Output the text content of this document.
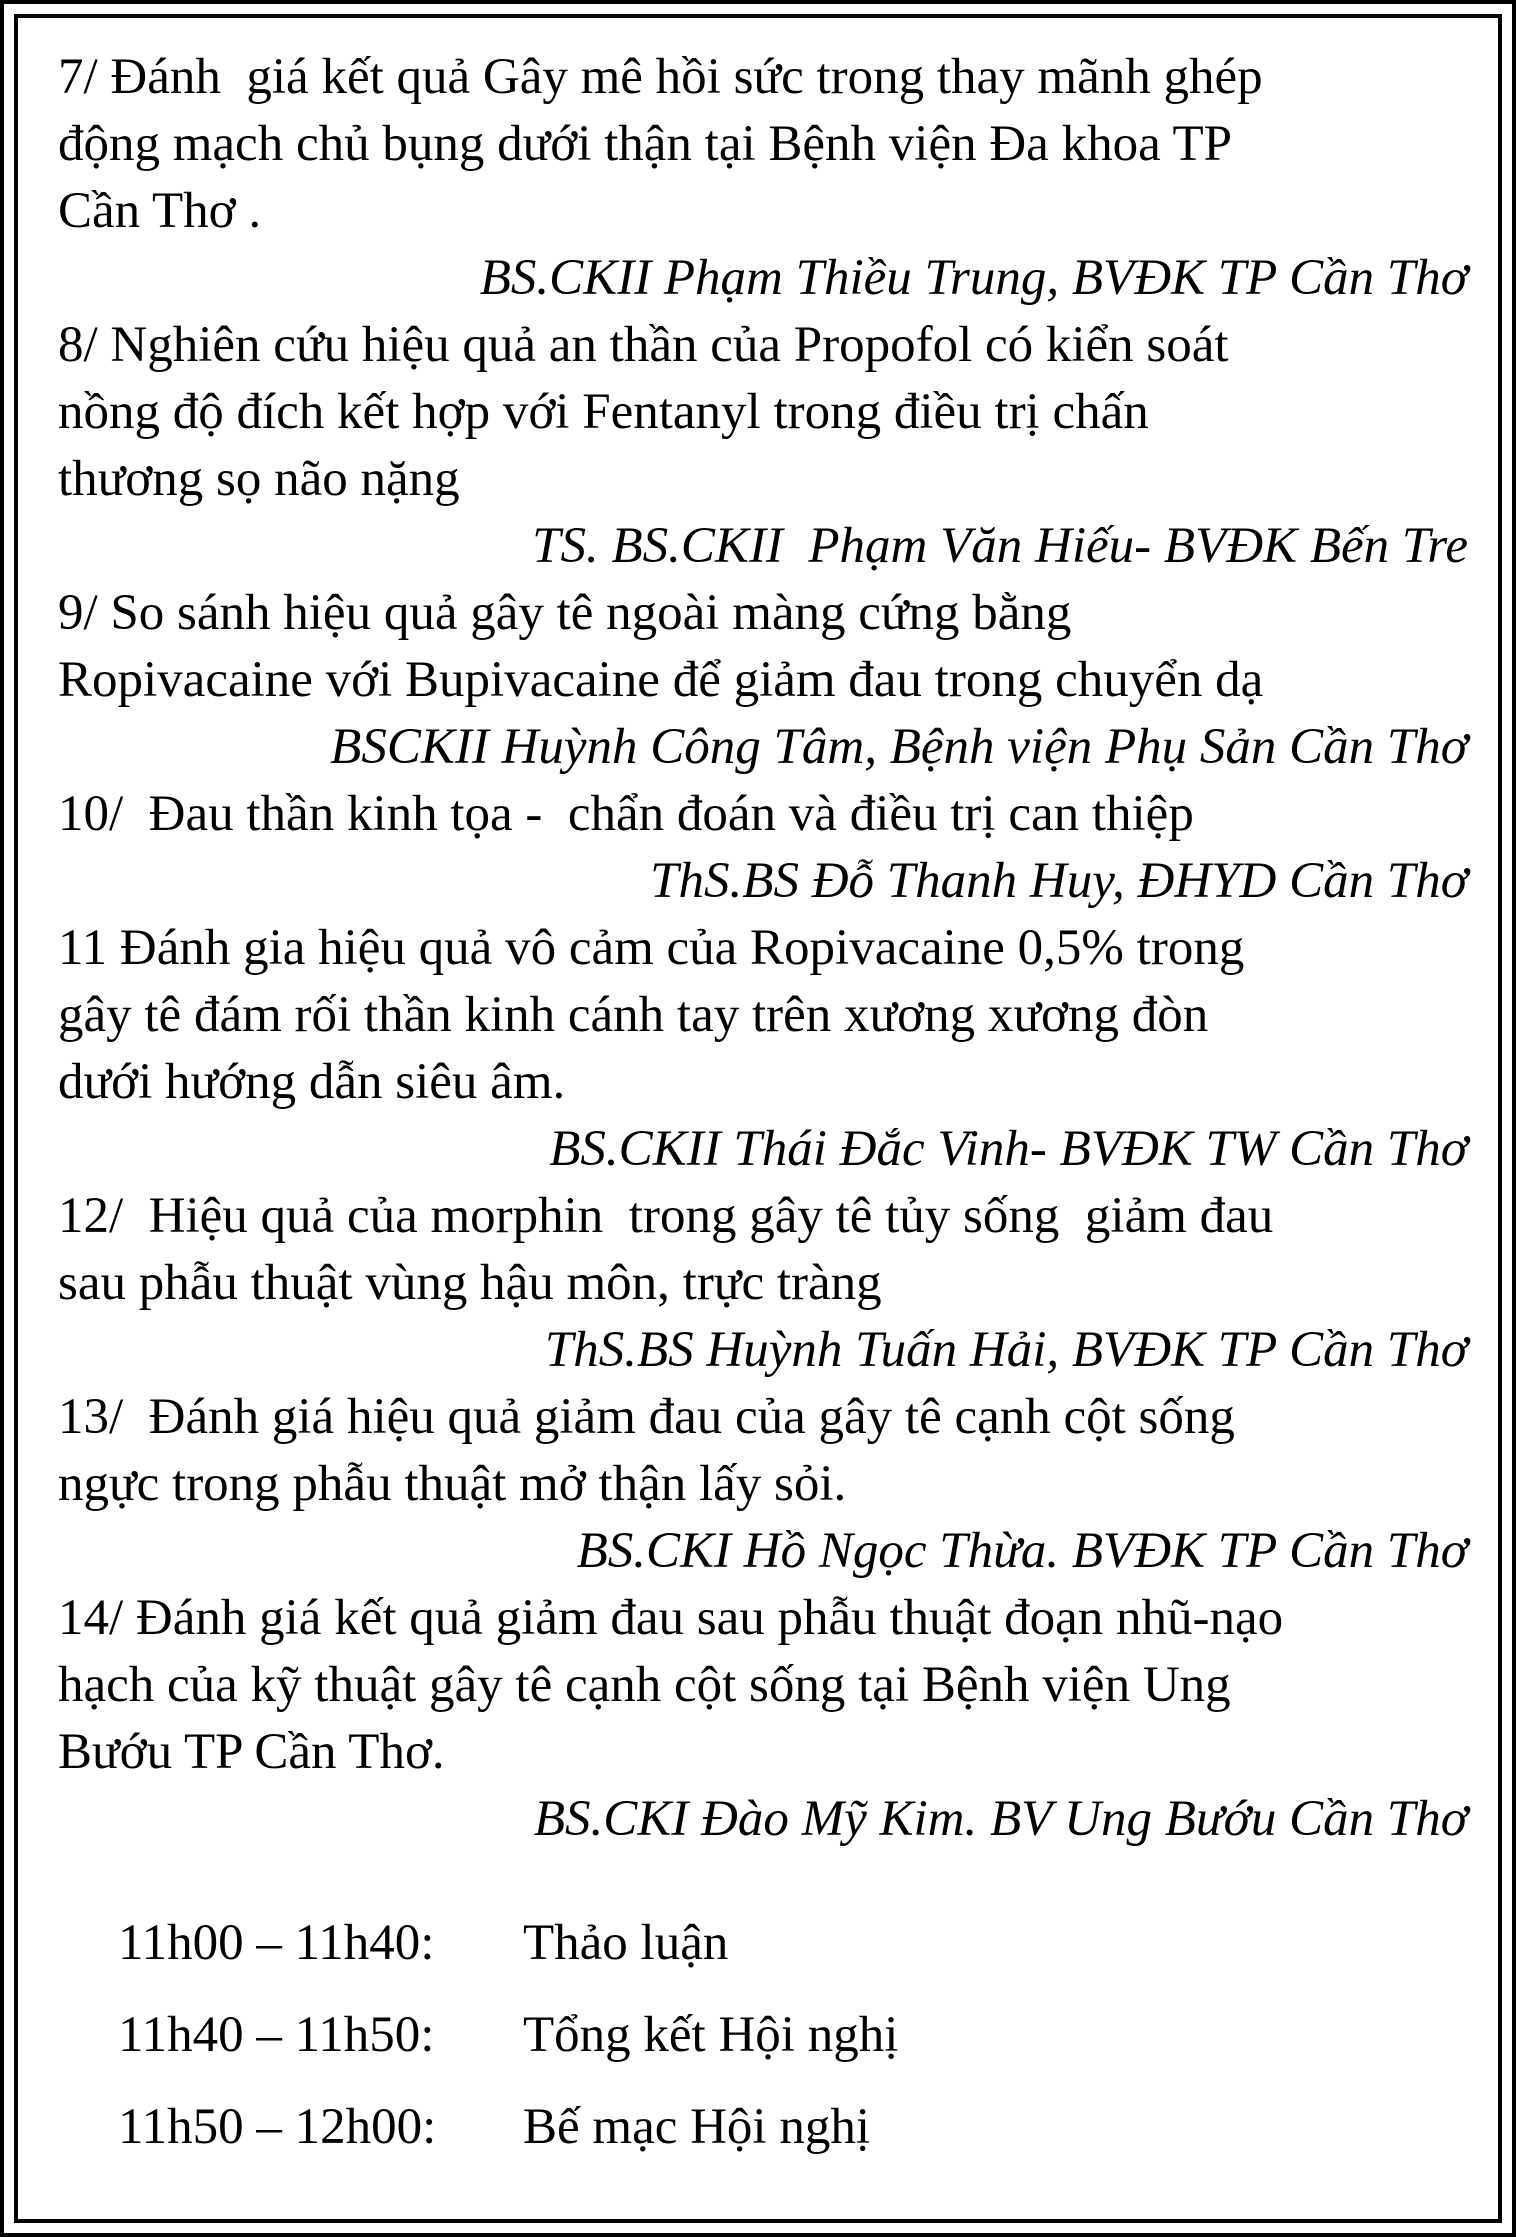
7/ Đánh  giá kết quả Gây mê hồi sức trong thay mãnh ghép
động mạch chủ bụng dưới thận tại Bệnh viện Đa khoa TP
Cần Thơ .

BS.CKII Phạm Thiều Trung, BVĐK TP Cần Thơ

8/ Nghiên cứu hiệu quả an thần của Propofol có kiển soát
nồng độ đích kết hợp với Fentanyl trong điều trị chấn
thương sọ não nặng

TS. BS.CKII  Phạm Văn Hiếu- BVĐK Bến Tre

9/ So sánh hiệu quả gây tê ngoài màng cứng bằng
Ropivacaine với Bupivacaine để giảm đau trong chuyển dạ

BSCKII Huỳnh Công Tâm, Bệnh viện Phụ Sản Cần Thơ

10/  Đau thần kinh tọa -  chẩn đoán và điều trị can thiệp

ThS.BS Đỗ Thanh Huy, ĐHYD Cần Thơ

11 Đánh gia hiệu quả vô cảm của Ropivacaine 0,5% trong
gây tê đám rối thần kinh cánh tay trên xương xương đòn
dưới hướng dẫn siêu âm.

BS.CKII Thái Đắc Vinh- BVĐK TW Cần Thơ

12/  Hiệu quả của morphin  trong gây tê tủy sống  giảm đau
sau phẫu thuật vùng hậu môn, trực tràng

ThS.BS Huỳnh Tuấn Hải, BVĐK TP Cần Thơ

13/  Đánh giá hiệu quả giảm đau của gây tê cạnh cột sống
ngực trong phẫu thuật mở thận lấy sỏi.

BS.CKI Hồ Ngọc Thừa. BVĐK TP Cần Thơ

14/ Đánh giá kết quả giảm đau sau phẫu thuật đoạn nhũ-nạo
hạch của kỹ thuật gây tê cạnh cột sống tại Bệnh viện Ung
Bướu TP Cần Thơ.

BS.CKI Đào Mỹ Kim. BV Ung Bướu Cần Thơ

11h00 – 11h40:	Thảo luận
11h40 – 11h50:	Tổng kết Hội nghị
11h50 – 12h00:	Bế mạc Hội nghị
